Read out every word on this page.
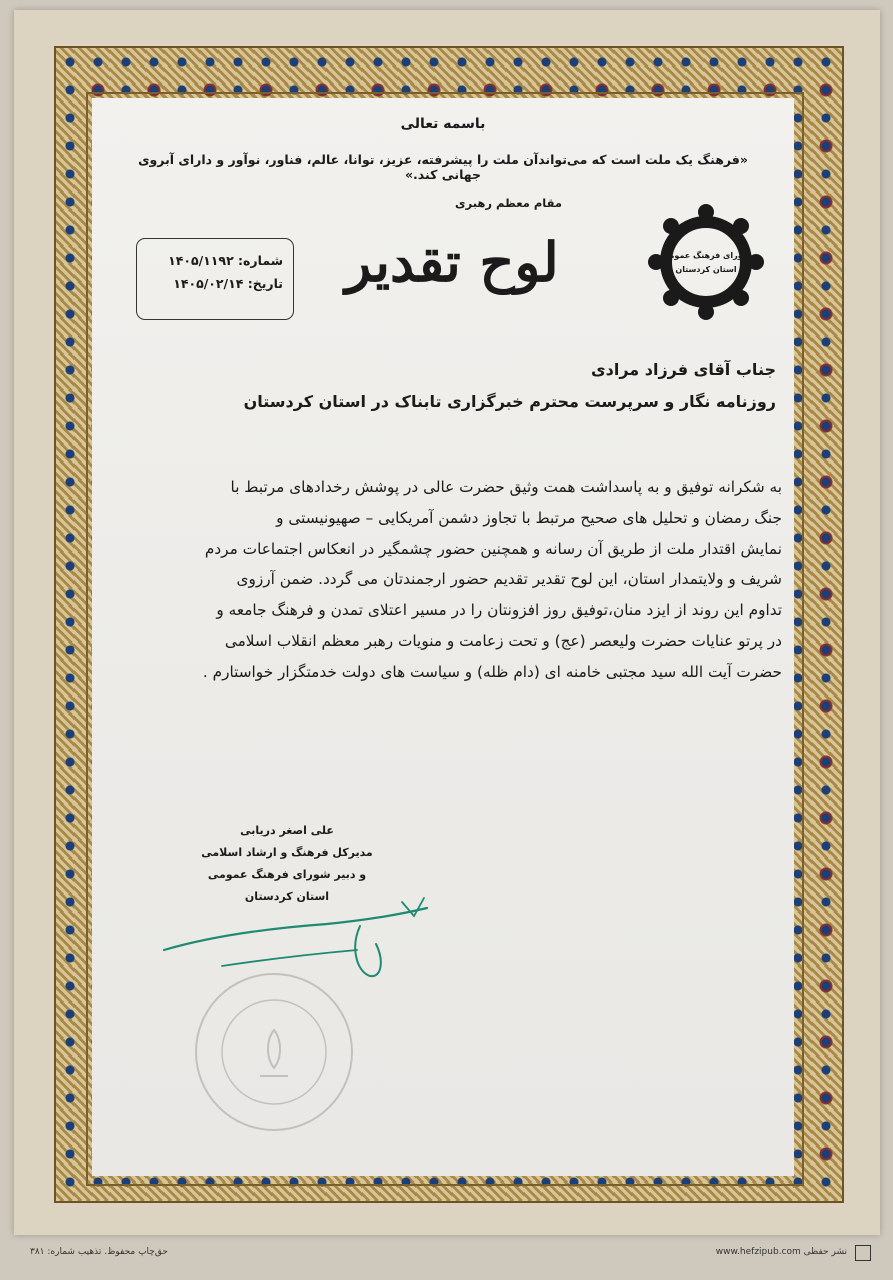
باسمه تعالی
«فرهنگ یک ملت است که می‌تواندآن ملت را پیشرفته، عزیز، توانا، عالم، فناور، نوآور و دارای آبروی جهانی کند.»
مقام معظم رهبری
شورای فرهنگ عمومی
استان کردستان
لوح تقدیر
شماره: ۱۴۰۵/۱۱۹۲
تاریخ: ۱۴۰۵/۰۲/۱۴
جناب آقای فرزاد مرادی
روزنامه نگار و سرپرست محترم خبرگزاری تابناک در استان کردستان
به شکرانه توفیق و به پاسداشت همت وثیق حضرت عالی در پوشش رخدادهای مرتبط با
جنگ رمضان و تحلیل های صحیح مرتبط با تجاوز دشمن آمریکایی – صهیونیستی و
نمایش اقتدار ملت از طریق آن رسانه و همچنین حضور چشمگیر در انعکاس اجتماعات مردم
شریف و ولایتمدار استان، این لوح تقدیر تقدیم حضور ارجمندتان می گردد. ضمن آرزوی
تداوم این روند از ایزد منان،توفیق روز افزونتان را در مسیر اعتلای تمدن و فرهنگ جامعه و
در پرتو عنایات حضرت ولیعصر (عج) و تحت زعامت و منویات رهبر معظم انقلاب اسلامی
حضرت آیت الله سید مجتبی خامنه ای (دام ظله) و سیاست های دولت خدمتگزار خواستارم .
علی اصغر دریابی
مدیرکل فرهنگ و ارشاد اسلامی
و دبیر شورای فرهنگ عمومی
استان کردستان
حق‌چاپ محفوظ. تذهیب شماره: ۳۸۱	www.hefzipub.com نشر حفظی
